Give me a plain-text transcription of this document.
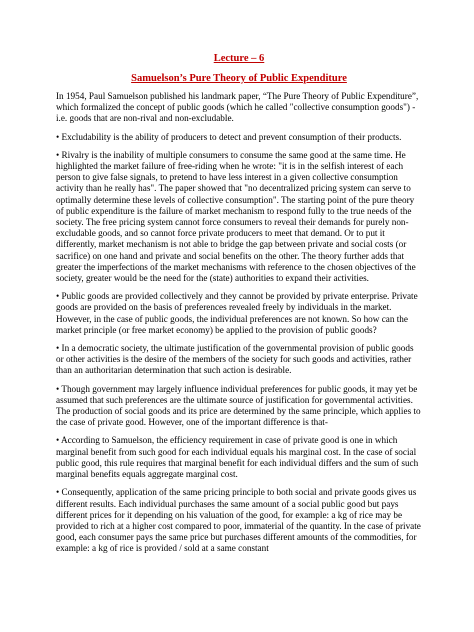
Lecture – 6

Samuelson’s Pure Theory of Public Expenditure

In 1954, Paul Samuelson published his landmark paper, “The Pure Theory of Public Expenditure”, which formalized the concept of public goods (which he called "collective consumption goods") - i.e. goods that are non-rival and non-excludable.

• Excludability is the ability of producers to detect and prevent consumption of their products.

• Rivalry is the inability of multiple consumers to consume the same good at the same time. He highlighted the market failure of free-riding when he wrote: "it is in the selfish interest of each person to give false signals, to pretend to have less interest in a given collective consumption activity than he really has". The paper showed that "no decentralized pricing system can serve to optimally determine these levels of collective consumption". The starting point of the pure theory of public expenditure is the failure of market mechanism to respond fully to the true needs of the society. The free pricing system cannot force consumers to reveal their demands for purely non-excludable goods, and so cannot force private producers to meet that demand. Or to put it differently, market mechanism is not able to bridge the gap between private and social costs (or sacrifice) on one hand and private and social benefits on the other. The theory further adds that greater the imperfections of the market mechanisms with reference to the chosen objectives of the society, greater would be the need for the (state) authorities to expand their activities.

• Public goods are provided collectively and they cannot be provided by private enterprise. Private goods are provided on the basis of preferences revealed freely by individuals in the market. However, in the case of public goods, the individual preferences are not known. So how can the market principle (or free market economy) be applied to the provision of public goods?

• In a democratic society, the ultimate justification of the governmental provision of public goods or other activities is the desire of the members of the society for such goods and activities, rather than an authoritarian determination that such action is desirable.

• Though government may largely influence individual preferences for public goods, it may yet be assumed that such preferences are the ultimate source of justification for governmental activities. The production of social goods and its price are determined by the same principle, which applies to the case of private good. However, one of the important difference is that-

• According to Samuelson, the efficiency requirement in case of private good is one in which marginal benefit from such good for each individual equals his marginal cost. In the case of social public good, this rule requires that marginal benefit for each individual differs and the sum of such marginal benefits equals aggregate marginal cost.

• Consequently, application of the same pricing principle to both social and private goods gives us different results. Each individual purchases the same amount of a social public good but pays different prices for it depending on his valuation of the good, for example: a kg of rice may be provided to rich at a higher cost compared to poor, immaterial of the quantity. In the case of private good, each consumer pays the same price but purchases different amounts of the commodities, for example: a kg of rice is provided / sold at a same constant
